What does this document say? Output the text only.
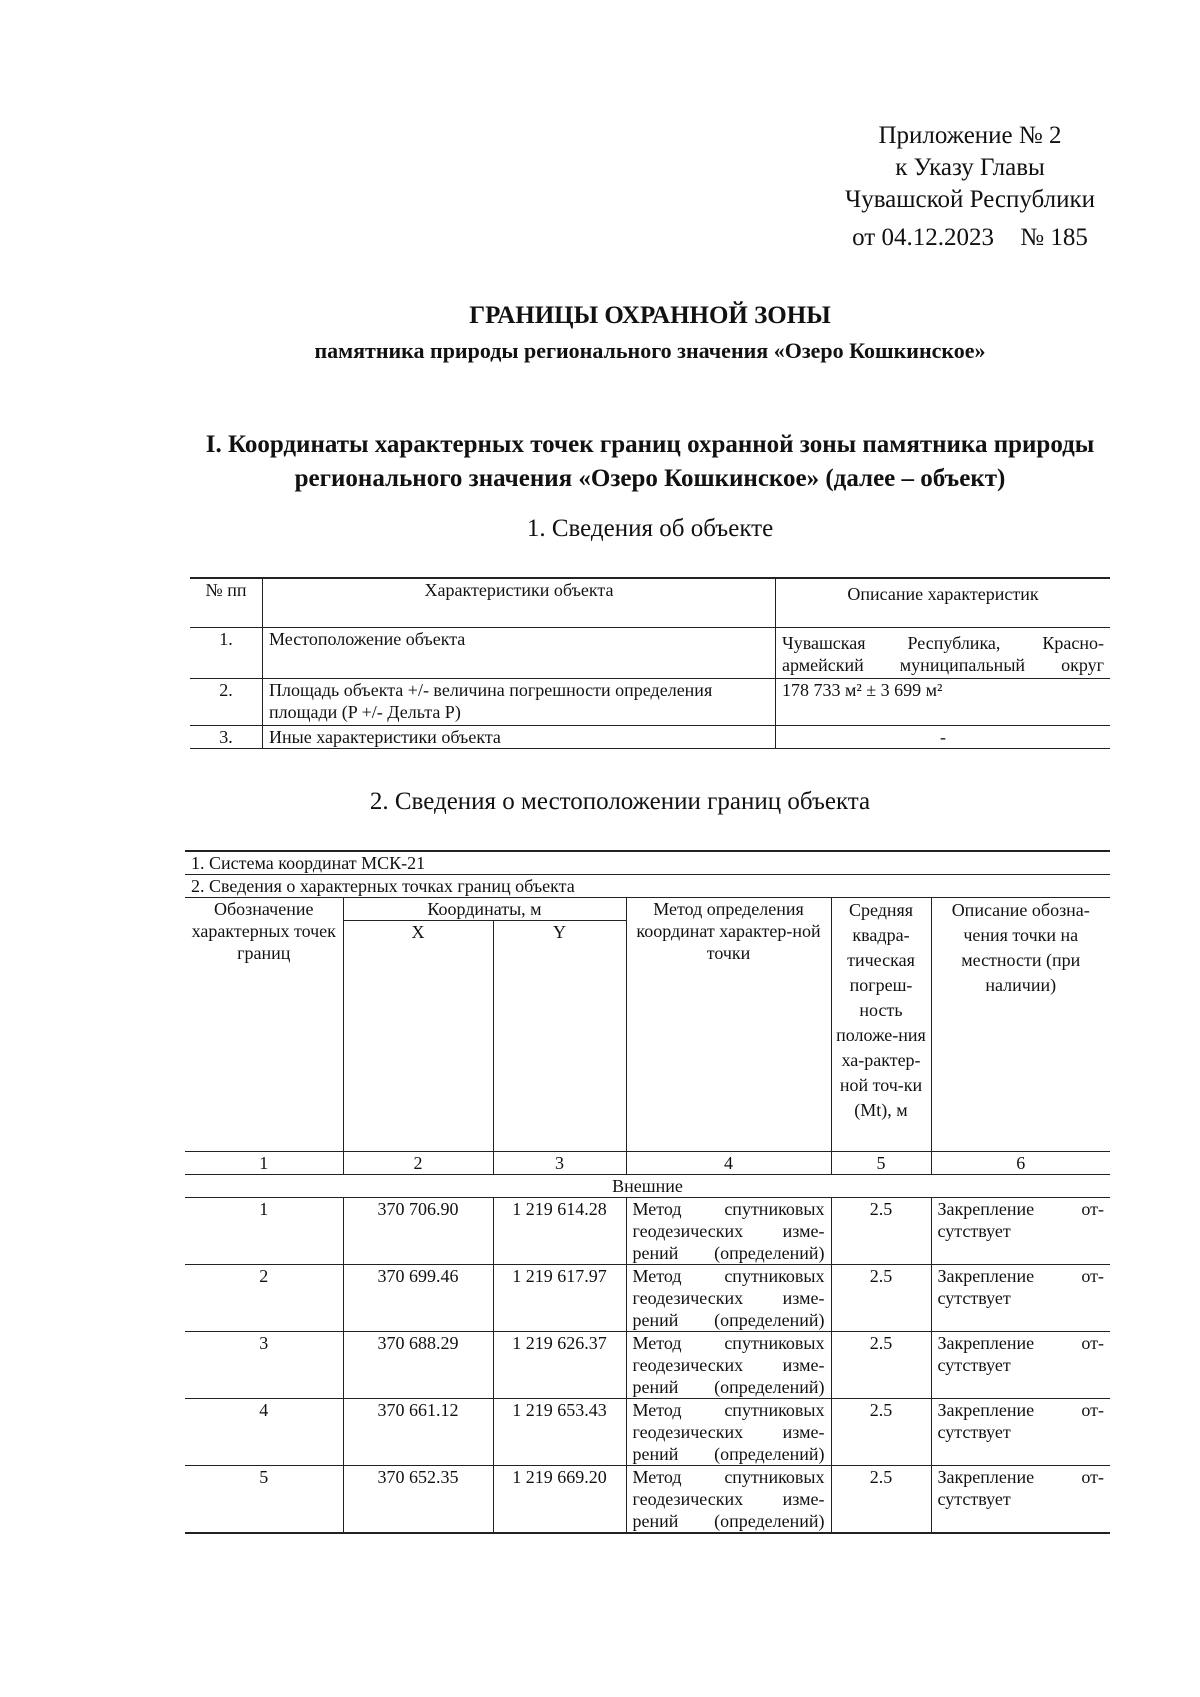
Приложение № 2
к Указу Главы
Чувашской Республики
от 04.12.2023 № 185
ГРАНИЦЫ ОХРАННОЙ ЗОНЫ
памятника природы регионального значения «Озеро Кошкинское»
I. Координаты характерных точек границ охранной зоны памятника природы регионального значения «Озеро Кошкинское» (далее – объект)
1. Сведения об объекте
№ пп	Характеристики объекта	Описание характеристик
1.	Местоположение объекта	Чувашская Республика, Красно-армейский муниципальный округ
2.	Площадь объекта +/- величина погрешности определения площади (P +/- Дельта P)	178 733 м² ± 3 699 м²
3.	Иные характеристики объекта	-
2. Сведения о местоположении границ объекта
1. Система координат МСК-21					
2. Сведения о характерных точках границ объекта					
Обозначение характерных точек границ	Координаты, м		Метод определения координат характер-ной точки	Средняя квадра-тическая погреш-ность положе-ния ха-рактер-ной точ-ки (Mt), м	Описание обозна-чения точки на местности (при наличии)
	X	Y			
1	2	3	4	5	6
Внешние					
1	370 706.90	1 219 614.28	Метод спутниковых геодезических изме-рений (определений)	2.5	Закрепление от-сутствует
2	370 699.46	1 219 617.97	Метод спутниковых геодезических изме-рений (определений)	2.5	Закрепление от-сутствует
3	370 688.29	1 219 626.37	Метод спутниковых геодезических изме-рений (определений)	2.5	Закрепление от-сутствует
4	370 661.12	1 219 653.43	Метод спутниковых геодезических изме-рений (определений)	2.5	Закрепление от-сутствует
5	370 652.35	1 219 669.20	Метод спутниковых геодезических изме-рений (определений)	2.5	Закрепление от-сутствует
